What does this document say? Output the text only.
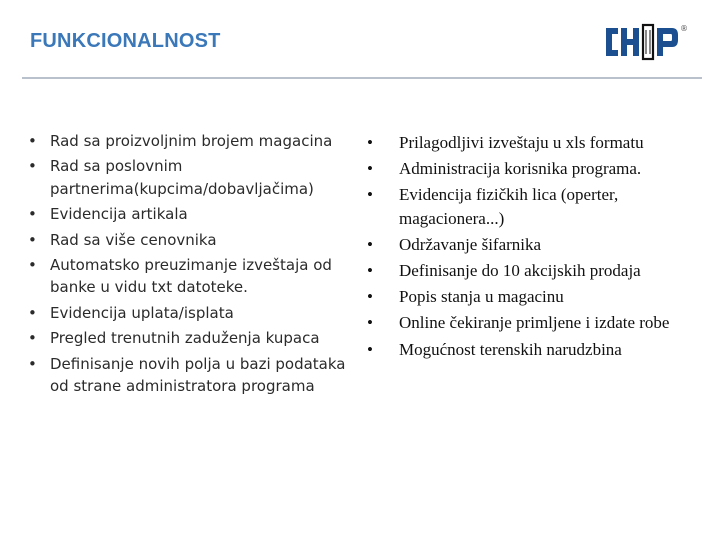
FUNKCIONALNOST
®
• Rad sa proizvoljnim brojem magacina
• Rad sa poslovnim partnerima(kupcima/dobavljačima)
• Evidencija artikala
• Rad sa više cenovnika
• Automatsko preuzimanje izveštaja od banke u vidu txt datoteke.
• Evidencija uplata/isplata
• Pregled trenutnih zaduženja kupaca
• Definisanje novih polja u bazi podataka od strane administratora programa
• Prilagodljivi izveštaju u xls formatu
• Administracija korisnika programa.
• Evidencija fizičkih lica (operter, magacionera...)
• Održavanje šifarnika
• Definisanje do 10 akcijskih prodaja
• Popis stanja u magacinu
• Online čekiranje primljene i izdate robe
• Mogućnost terenskih narudzbina
